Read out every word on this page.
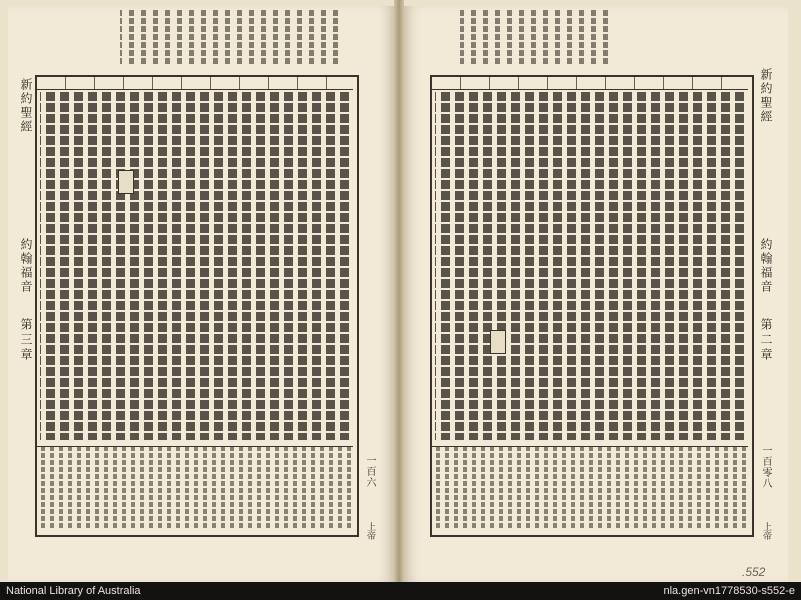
新約聖經
約翰福音
第三章
一百六
上帝
新約聖經
約翰福音
第二章
一百零八
上帝
.552
National Library of Australia	nla.gen-vn1778530-s552-e
